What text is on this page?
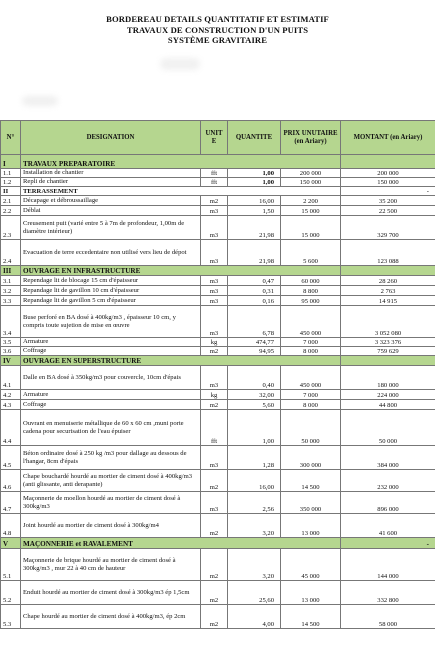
BORDEREAU DETAILS QUANTITATIF ET ESTIMATIF
TRAVAUX DE CONSTRUCTION D'UN PUITS
SYSTÈME GRAVITAIRE
N°	DESIGNATION	UNIT E	QUANTITE	PRIX UNUTAIRE (en Ariary)	MONTANT (en Ariary)
I	TRAVAUX PREPARATOIRE				
1.1	Installation de chantier	fft	1,00	200 000	200 000
1.2	Repli de chantier	fft	1,00	150 000	150 000
II	TERRASSEMENT				-
2.1	Décapage et débroussaillage	m2	16,00	2 200	35 200
2.2	Déblai	m3	1,50	15 000	22 500
2.3	Creusement puit (varié entre 5 à 7m de profondeur, 1,00m de diamètre intérieur)	m3	21,98	15 000	329 700
2.4	Evacuation de terre eccedentaire non utilisé vers lieu de dépot	m3	21,98	5 600	123 088
III	OUVRAGE EN INFRASTRUCTURE				
3.1	Rependage lit de blocage 15 cm d'épaisseur	m3	0,47	60 000	28 260
3.2	Repandage lit de gavillon 10 cm d'épaisseur	m3	0,31	8 800	2 763
3.3	Repandage lit de gavillon 5 cm d'épaisseur	m3	0,16	95 000	14 915
3.4	Buse perforé en BA dosé à 400kg/m3 , épaisseur 10 cm, y compris toute sujetion de mise en œuvre	m3	6,78	450 000	3 052 080
3.5	Armature	kg	474,77	7 000	3 323 376
3.6	Coffrage	m2	94,95	8 000	759 629
IV	OUVRAGE EN SUPERSTRUCTURE				
4.1	Dalle en BA dosé à 350kg/m3 pour couvercle, 10cm d'épais	m3	0,40	450 000	180 000
4.2	Armature	kg	32,00	7 000	224 000
4.3	Coffrage	m2	5,60	8 000	44 800
4.4	Ouvrant en menuiserie métallique de 60 x 60 cm ,muni porte cadena pour securisation de l'eau épuiser	fft	1,00	50 000	50 000
4.5	Béton ordinaire dosé à 250 kg /m3 pour dallage au dessous de l'hangar, 8cm d'épais	m3	1,28	300 000	384 000
4.6	Chape bouchardé hourdé au mortier de ciment dosé à 400kg/m3 (anti glissante, anti derapante)	m2	16,00	14 500	232 000
4.7	Maçonnerie de moellon hourdé au mortier de ciment dosé à 300kg/m3	m3	2,56	350 000	896 000
4.8	Joint hourdé au mortier de ciment dosé à 300kg/m4	m2	3,20	13 000	41 600
V	MAÇONNERIE et RAVALEMENT				-
5.1	Maçonnerie de brique hourdé au mortier de ciment dosé à 300kg/m3 , mur 22 à 40 cm de hauteur	m2	3,20	45 000	144 000
5.2	Enduit hourdé au mortier de ciment dosé à 300kg/m3 ép 1,5cm	m2	25,60	13 000	332 800
5.3	Chape hourdé au mortier de ciment dosé à 400kg/m3, ép 2cm	m2	4,00	14 500	58 000
